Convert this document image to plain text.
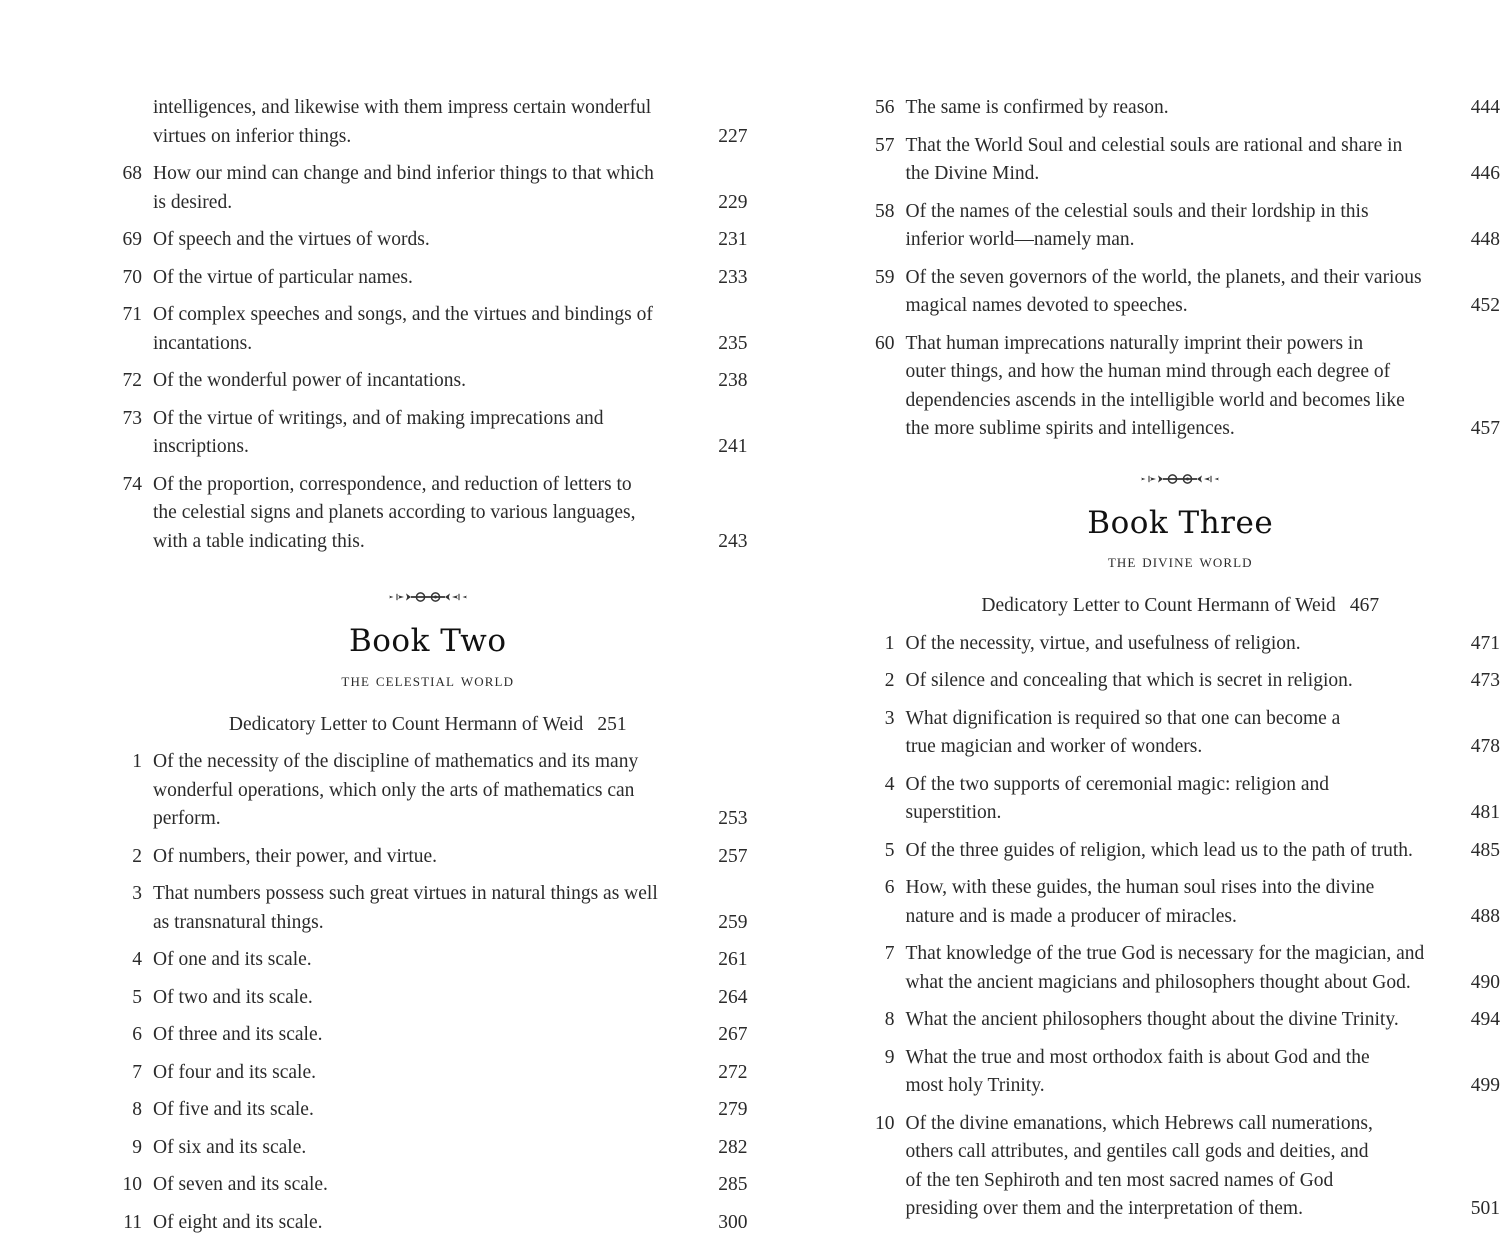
intelligences, and likewise with them impress certain wonderful
virtues on inferior things.	227
68 How our mind can change and bind inferior things to that which
is desired.	229
69 Of speech and the virtues of words.	231
70 Of the virtue of particular names.	233
71 Of complex speeches and songs, and the virtues and bindings of
incantations.	235
72 Of the wonderful power of incantations.	238
73 Of the virtue of writings, and of making imprecations and
inscriptions.	241
74 Of the proportion, correspondence, and reduction of letters to
the celestial signs and planets according to various languages,
with a table indicating this.	243
Book Two
the celestial world
Dedicatory Letter to Count Hermann of Weid 251
1 Of the necessity of the discipline of mathematics and its many
wonderful operations, which only the arts of mathematics can
perform.	253
2 Of numbers, their power, and virtue.	257
3 That numbers possess such great virtues in natural things as well
as transnatural things.	259
4 Of one and its scale.	261
5 Of two and its scale.	264
6 Of three and its scale.	267
7 Of four and its scale.	272
8 Of five and its scale.	279
9 Of six and its scale.	282
10 Of seven and its scale.	285
11 Of eight and its scale.	300
56 The same is confirmed by reason.	444
57 That the World Soul and celestial souls are rational and share in
the Divine Mind.	446
58 Of the names of the celestial souls and their lordship in this
inferior world—namely man.	448
59 Of the seven governors of the world, the planets, and their various
magical names devoted to speeches.	452
60 That human imprecations naturally imprint their powers in
outer things, and how the human mind through each degree of
dependencies ascends in the intelligible world and becomes like
the more sublime spirits and intelligences.	457
Book Three
the divine world
Dedicatory Letter to Count Hermann of Weid 467
1 Of the necessity, virtue, and usefulness of religion.	471
2 Of silence and concealing that which is secret in religion.	473
3 What dignification is required so that one can become a
true magician and worker of wonders.	478
4 Of the two supports of ceremonial magic: religion and
superstition.	481
5 Of the three guides of religion, which lead us to the path of truth.	485
6 How, with these guides, the human soul rises into the divine
nature and is made a producer of miracles.	488
7 That knowledge of the true God is necessary for the magician, and
what the ancient magicians and philosophers thought about God.	490
8 What the ancient philosophers thought about the divine Trinity.	494
9 What the true and most orthodox faith is about God and the
most holy Trinity.	499
10 Of the divine emanations, which Hebrews call numerations,
others call attributes, and gentiles call gods and deities, and
of the ten Sephiroth and ten most sacred names of God
presiding over them and the interpretation of them.	501
